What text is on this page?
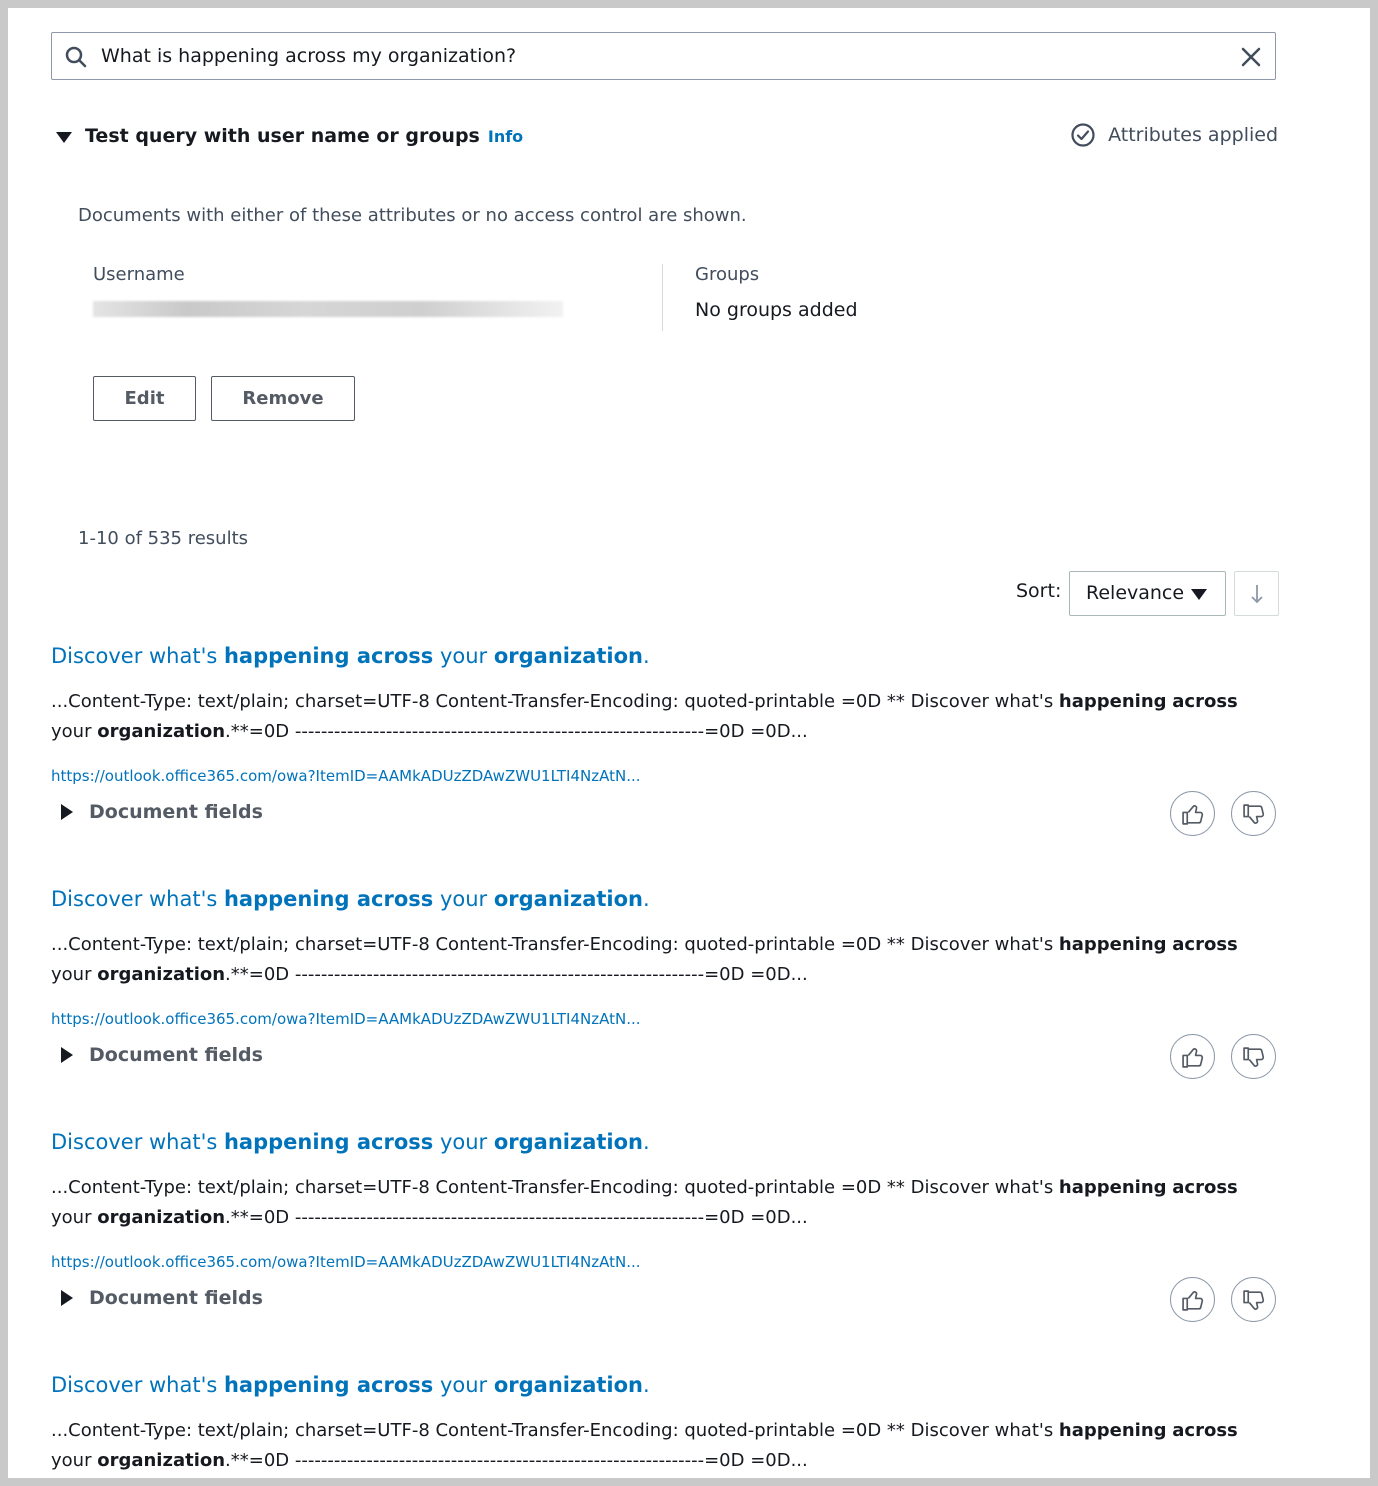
What is happening across my organization?
Test query with user name or groups Info	Attributes applied
Documents with either of these attributes or no access control are shown.
Username	Groups
No groups added
Edit	Remove
1-10 of 535 results
Sort: Relevance
Discover what's happening across your organization.
...Content-Type: text/plain; charset=UTF-8 Content-Transfer-Encoding: quoted-printable =0D ** Discover what's happening across your organization.**=0D ---------------------------------------------------------------=0D =0D...
https://outlook.office365.com/owa?ItemID=AAMkADUzZDAwZWU1LTI4NzAtN...
Document fields
Discover what's happening across your organization.
...Content-Type: text/plain; charset=UTF-8 Content-Transfer-Encoding: quoted-printable =0D ** Discover what's happening across your organization.**=0D ---------------------------------------------------------------=0D =0D...
https://outlook.office365.com/owa?ItemID=AAMkADUzZDAwZWU1LTI4NzAtN...
Document fields
Discover what's happening across your organization.
...Content-Type: text/plain; charset=UTF-8 Content-Transfer-Encoding: quoted-printable =0D ** Discover what's happening across your organization.**=0D ---------------------------------------------------------------=0D =0D...
https://outlook.office365.com/owa?ItemID=AAMkADUzZDAwZWU1LTI4NzAtN...
Document fields
Discover what's happening across your organization.
...Content-Type: text/plain; charset=UTF-8 Content-Transfer-Encoding: quoted-printable =0D ** Discover what's happening across your organization.**=0D ---------------------------------------------------------------=0D =0D...
